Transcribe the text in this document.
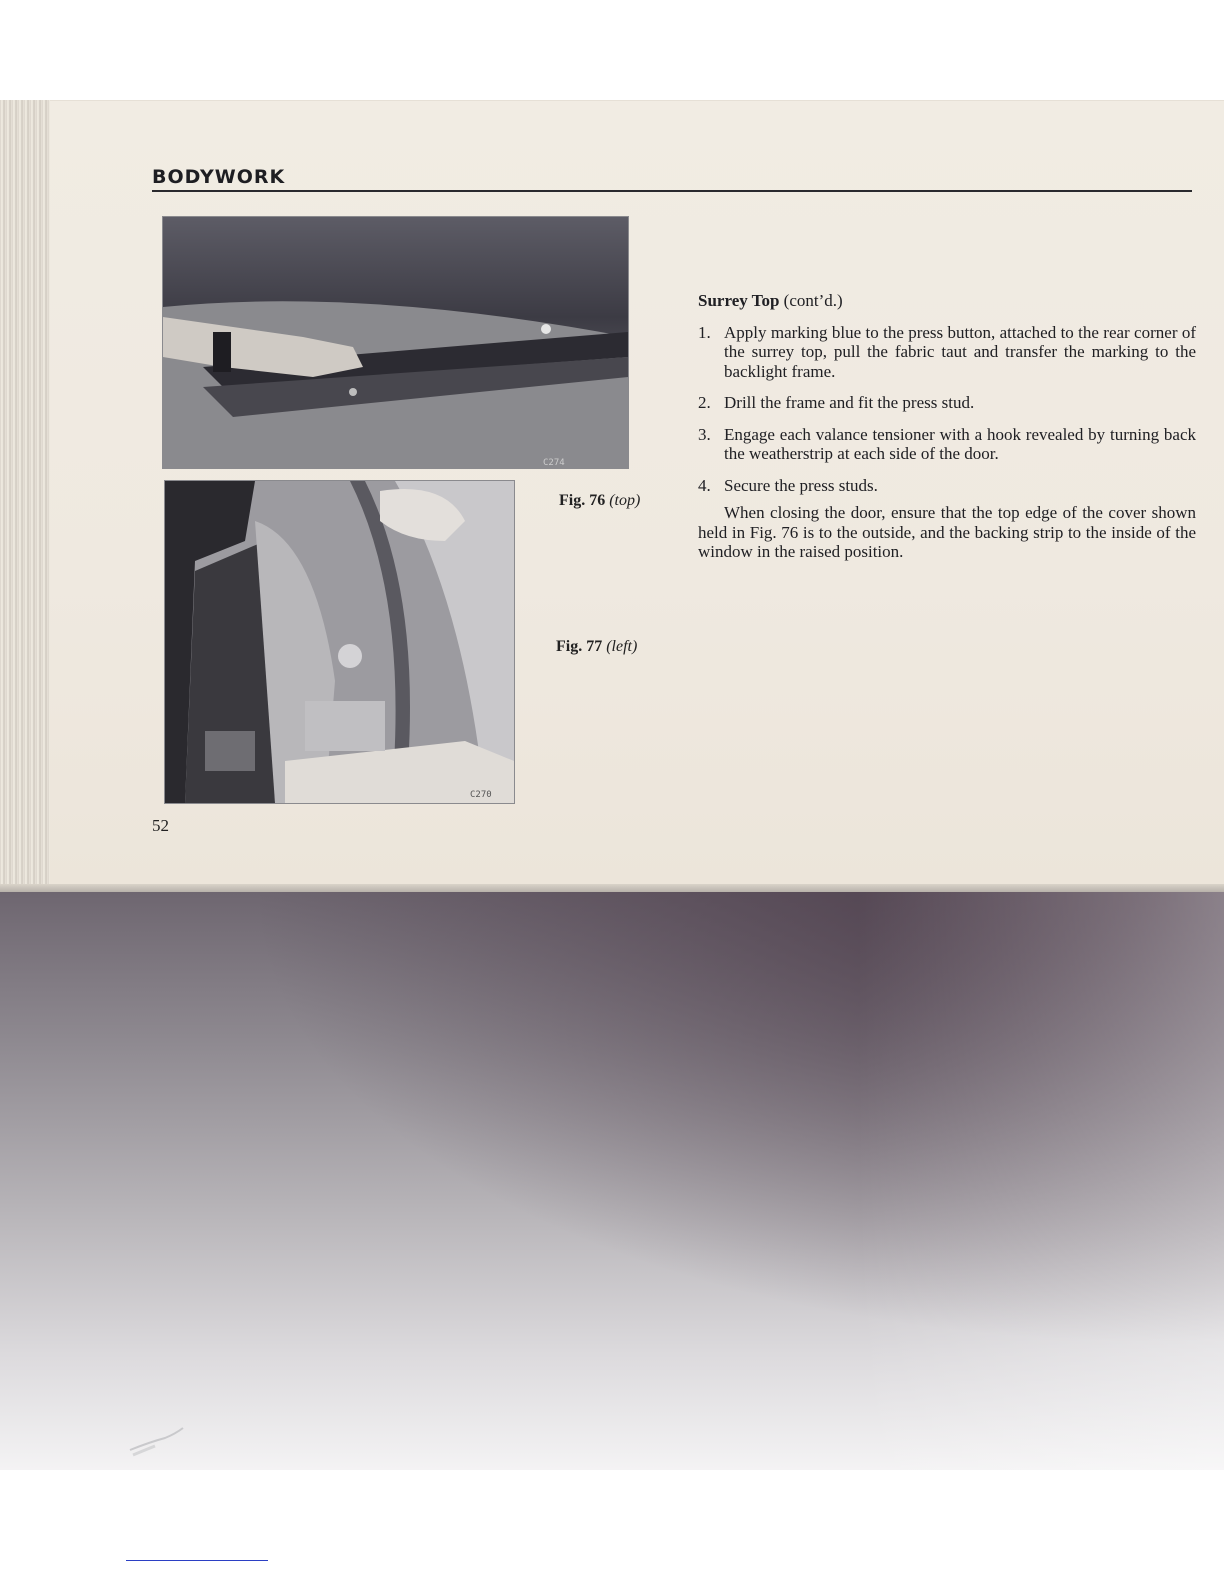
BODYWORK
C274
C270
Fig. 76 (top)
Fig. 77 (left)

Surrey Top (cont’d.)

1. Apply marking blue to the press button, attached to the rear corner of the surrey top, pull the fabric taut and transfer the marking to the backlight frame.
2. Drill the frame and fit the press stud.
3. Engage each valance tensioner with a hook revealed by turning back the weatherstrip at each side of the door.
4. Secure the press studs.

When closing the door, ensure that the top edge of the cover shown held in Fig. 76 is to the outside, and the backing strip to the inside of the window in the raised position.

52
